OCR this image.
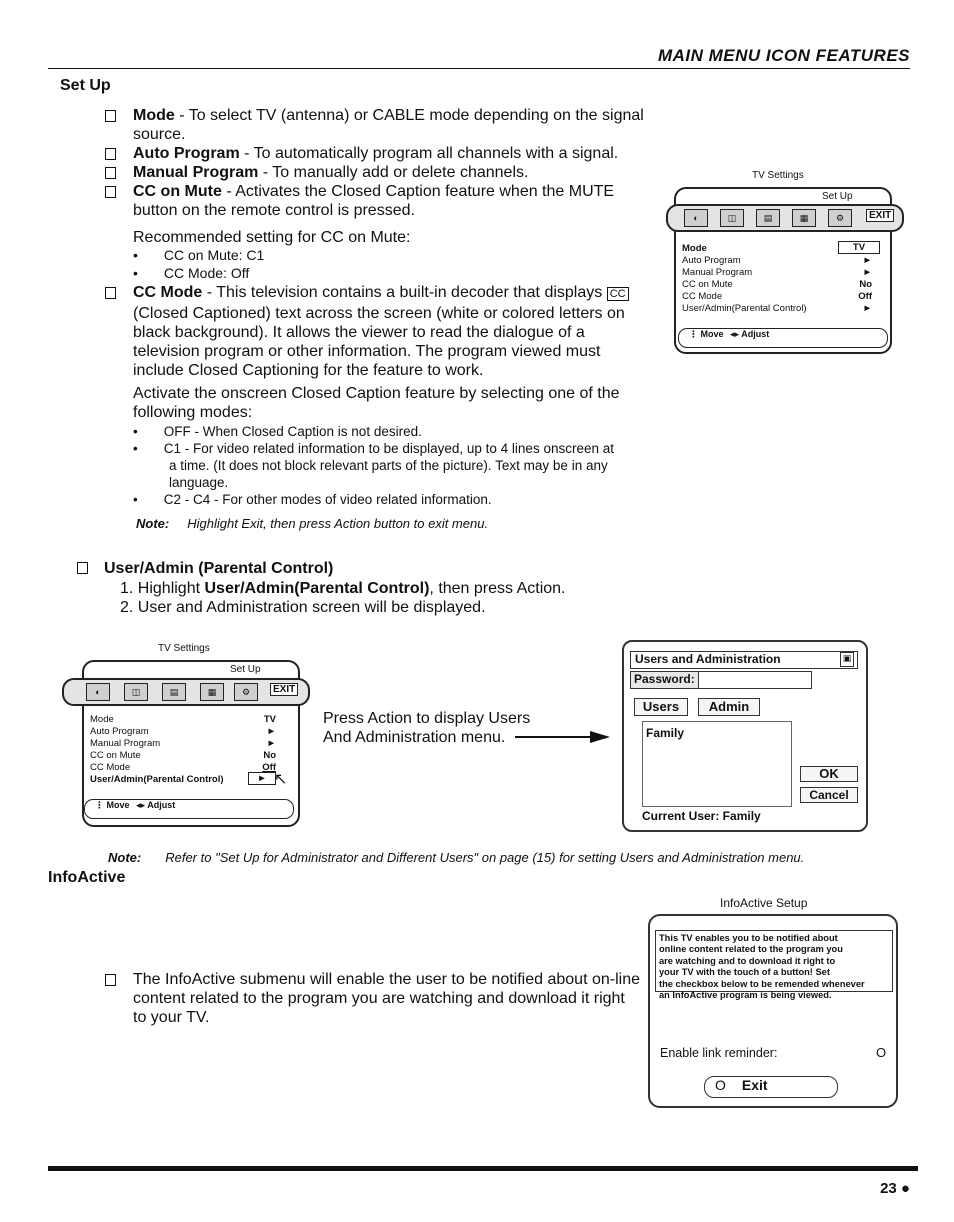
MAIN MENU ICON FEATURES
Set Up
Mode - To select TV (antenna) or CABLE mode depending on the signal
source.
Auto Program - To automatically program all channels with a signal.
Manual Program - To manually add or delete channels.
CC on Mute - Activates the Closed Caption feature when the MUTE
button on the remote control is pressed.
Recommended setting for CC on Mute:
• CC on Mute: C1
• CC Mode: Off
CC Mode - This television contains a built-in decoder that displays CC
(Closed Captioned) text across the screen (white or colored letters on
black background). It allows the viewer to read the dialogue of a
television program or other information. The program viewed must
include Closed Captioning for the feature to work.
Activate the onscreen Closed Caption feature by selecting one of the
following modes:
• OFF - When Closed Caption is not desired.
• C1 - For video related information to be displayed, up to 4 lines onscreen at
a time. (It does not block relevant parts of the picture). Text may be in any
language.
• C2 - C4 - For other modes of video related information.
Note: Highlight Exit, then press Action button to exit menu.
TV Settings
Set Up
◐	◫	▤	▦	⚙	EXIT
Mode	TV
Auto Program	►
Manual Program	►
CC on Mute	No
CC Mode	Off
User/Admin(Parental Control)	►
⋮ Move ◂▸ Adjust
User/Admin (Parental Control)
1. Highlight User/Admin(Parental Control), then press Action.
2. User and Administration screen will be displayed.
TV Settings
Set Up
◐	◫	▤	▦	⚙	EXIT
Mode	TV
Auto Program	►
Manual Program	►
CC on Mute	No
CC Mode	Off
User/Admin(Parental Control)	► ↖
⋮ Move ◂▸ Adjust
Press Action to display Users
And Administration menu.
Users and Administration	▣
Password:
Users	Admin
Family
OK
Cancel
Current User: Family
Note: Refer to "Set Up for Administrator and Different Users" on page (15) for setting Users and Administration menu.
InfoActive
The InfoActive submenu will enable the user to be notified about on-line
content related to the program you are watching and download it right
to your TV.
InfoActive Setup
This TV enables you to be notified about
online content related to the program you
are watching and to download it right to
your TV with the touch of a button! Set
the checkbox below to be remended whenever
an InfoActive program is being viewed.
Enable link reminder:	O
O Exit
23 ●
